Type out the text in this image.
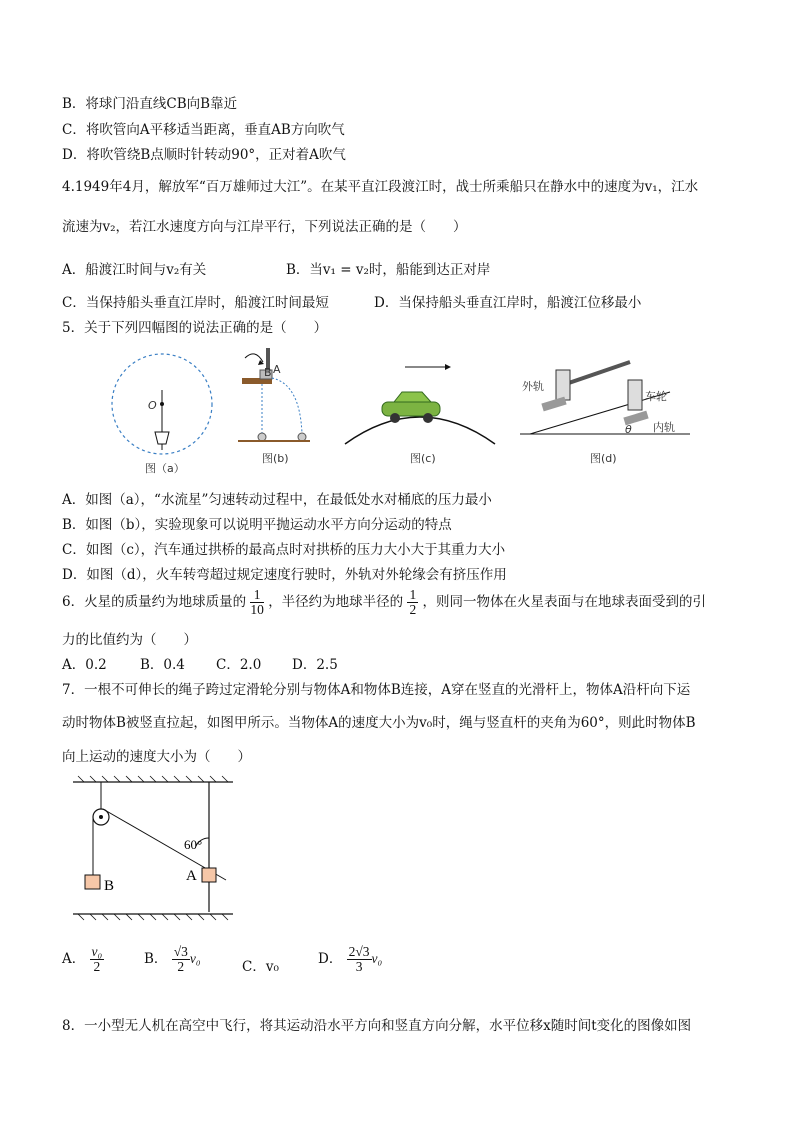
B．将球门沿直线CB向B靠近
C．将吹管向A平移适当距离，垂直AB方向吹气
D．将吹管绕B点顺时针转动90°，正对着A吹气
4.1949年4月，解放军“百万雄师过大江”。在某平直江段渡江时，战士所乘船只在静水中的速度为v₁，江水
流速为v₂，若江水速度方向与江岸平行，下列说法正确的是（　　）
A．船渡江时间与v₂有关	B．当v₁ = v₂时，船能到达正对岸
C．当保持船头垂直江岸时，船渡江时间最短	D．当保持船头垂直江岸时，船渡江位移最小
5．关于下列四幅图的说法正确的是（　　）
O
图（a）
B A
图(b)	图(c)
外轨
车轮
内轨
θ
图(d)
A．如图（a），“水流星”匀速转动过程中，在最低处水对桶底的压力最小
B．如图（b），实验现象可以说明平抛运动水平方向分运动的特点
C．如图（c），汽车通过拱桥的最高点时对拱桥的压力大小大于其重力大小
D．如图（d），火车转弯超过规定速度行驶时，外轨对外轮缘会有挤压作用
6．火星的质量约为地球质量的 $\frac{1}{10}$ ，半径约为地球半径的 $\frac{1}{2}$ ，则同一物体在火星表面与在地球表面受到的引
力的比值约为（　　）
A．0.2 B．0.4 C．2.0 D．2.5
7．一根不可伸长的绳子跨过定滑轮分别与物体A和物体B连接，A穿在竖直的光滑杆上，物体A沿杆向下运
动时物体B被竖直拉起，如图甲所示。当物体A的速度大小为v₀时，绳与竖直杆的夹角为60°，则此时物体B
向上运动的速度大小为（　　）
60°
B
A
A． $\frac{\text{v₀}}{2}$	B． $\frac{√3}{2} v_0$
C．v₀	D． $\frac{2√3}{3} v_0$
8．一小型无人机在高空中飞行，将其运动沿水平方向和竖直方向分解，水平位移x随时间t变化的图像如图
